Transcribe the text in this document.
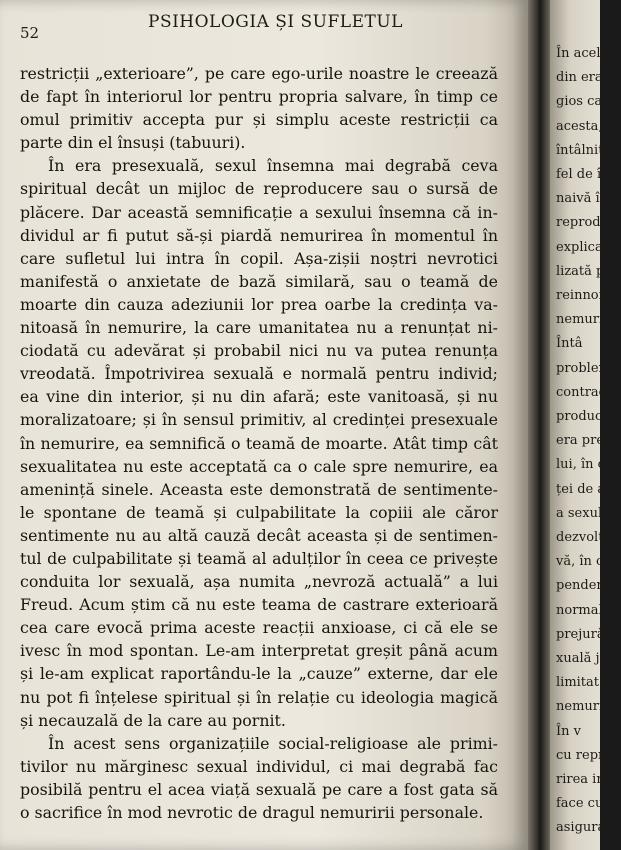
În acelaș
din era se
gios ca fi
acesta, c
întâlnită
fel de în
naivă în
reproduc
explicați
lizată pr
reinnoită
nemurir
Întâ
problem
contrad
produce
era pres
lui, în c
ței de a
a sexul
dezvolta
vă, în ca
pendent
normal
prejurăr
xuală ju
limitat la
nemurir
În v
cu repro
rirea inc
face cu
asigurar
52
PSIHOLOGIA ȘI SUFLETUL
restricții „exterioare”, pe care ego-urile noastre le creează
de fapt în interiorul lor pentru propria salvare, în timp ce
omul primitiv accepta pur și simplu aceste restricții ca
parte din el însuși (tabuuri).
În era presexuală, sexul însemna mai degrabă ceva
spiritual decât un mijloc de reproducere sau o sursă de
plăcere. Dar această semnificație a sexului însemna că in-
dividul ar fi putut să-și piardă nemurirea în momentul în
care sufletul lui intra în copil. Așa-zișii noștri nevrotici
manifestă o anxietate de bază similară, sau o teamă de
moarte din cauza adeziunii lor prea oarbe la credința va-
nitoasă în nemurire, la care umanitatea nu a renunțat ni-
ciodată cu adevărat și probabil nici nu va putea renunța
vreodată. Împotrivirea sexuală e normală pentru individ;
ea vine din interior, și nu din afară; este vanitoasă, și nu
moralizatoare; și în sensul primitiv, al credinței presexuale
în nemurire, ea semnifică o teamă de moarte. Atât timp cât
sexualitatea nu este acceptată ca o cale spre nemurire, ea
amenință sinele. Aceasta este demonstrată de sentimente-
le spontane de teamă și culpabilitate la copiii ale căror
sentimente nu au altă cauză decât aceasta și de sentimen-
tul de culpabilitate și teamă al adulților în ceea ce privește
conduita lor sexuală, așa numita „nevroză actuală” a lui
Freud. Acum știm că nu este teama de castrare exterioară
cea care evocă prima aceste reacții anxioase, ci că ele se
ivesc în mod spontan. Le-am interpretat greșit până acum
și le-am explicat raportându-le la „cauze” externe, dar ele
nu pot fi înțelese spiritual și în relație cu ideologia magică
și necauzală de la care au pornit.
În acest sens organizațiile social-religioase ale primi-
tivilor nu mărginesc sexual individul, ci mai degrabă fac
posibilă pentru el acea viață sexuală pe care a fost gata să
o sacrifice în mod nevrotic de dragul nemuririi personale.
